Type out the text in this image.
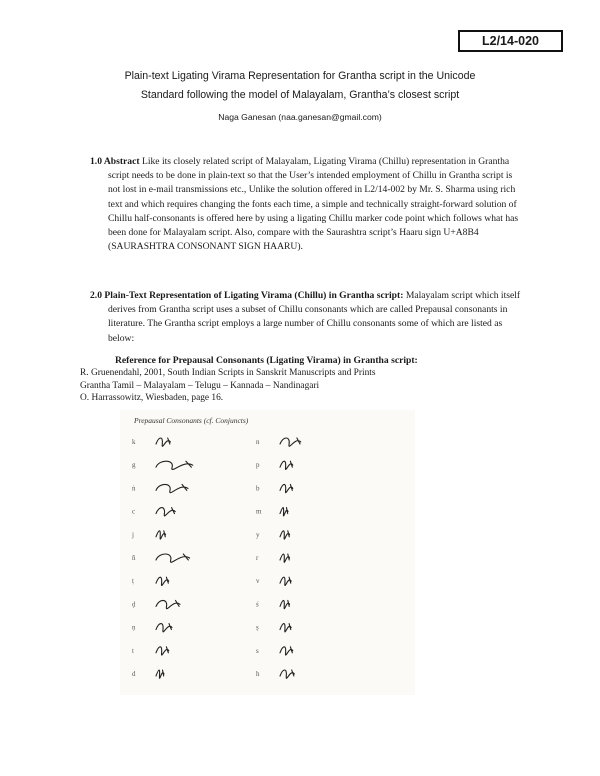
L2/14-020
Plain-text Ligating Virama Representation for Grantha script in the Unicode
Standard following the model of Malayalam, Grantha’s closest script
Naga Ganesan (naa.ganesan@gmail.com)

1.0 Abstract Like its closely related script of Malayalam, Ligating Virama (Chillu) representation in Grantha script needs to be done in plain-text so that the User’s intended employment of Chillu in Grantha script is not lost in e-mail transmissions etc., Unlike the solution offered in L2/14-002 by Mr. S. Sharma using rich text and which requires changing the fonts each time, a simple and technically straight-forward solution of Chillu half-consonants is offered here by using a ligating Chillu marker code point which follows what has been done for Malayalam script. Also, compare with the Saurashtra script’s Haaru sign U+A8B4 (SAURASHTRA CONSONANT SIGN HAARU).

2.0 Plain-Text Representation of Ligating Virama (Chillu) in Grantha script: Malayalam script which itself derives from Grantha script uses a subset of Chillu consonants which are called Prepausal consonants in literature. The Grantha script employs a large number of Chillu consonants some of which are listed as below:

Reference for Prepausal Consonants (Ligating Virama) in Grantha script:
R. Gruenendahl, 2001, South Indian Scripts in Sanskrit Manuscripts and Prints
Grantha Tamil – Malayalam – Telugu – Kannada – Nandinagari
O. Harrassowitz, Wiesbaden, page 16.
Prepausal Consonants (cf. Conjuncts)
k
g
ṅ
c
j
ñ
ṭ
ḍ
ṇ
t
d
n
p
b
m
y
r
v
ś
ṣ
s
h
